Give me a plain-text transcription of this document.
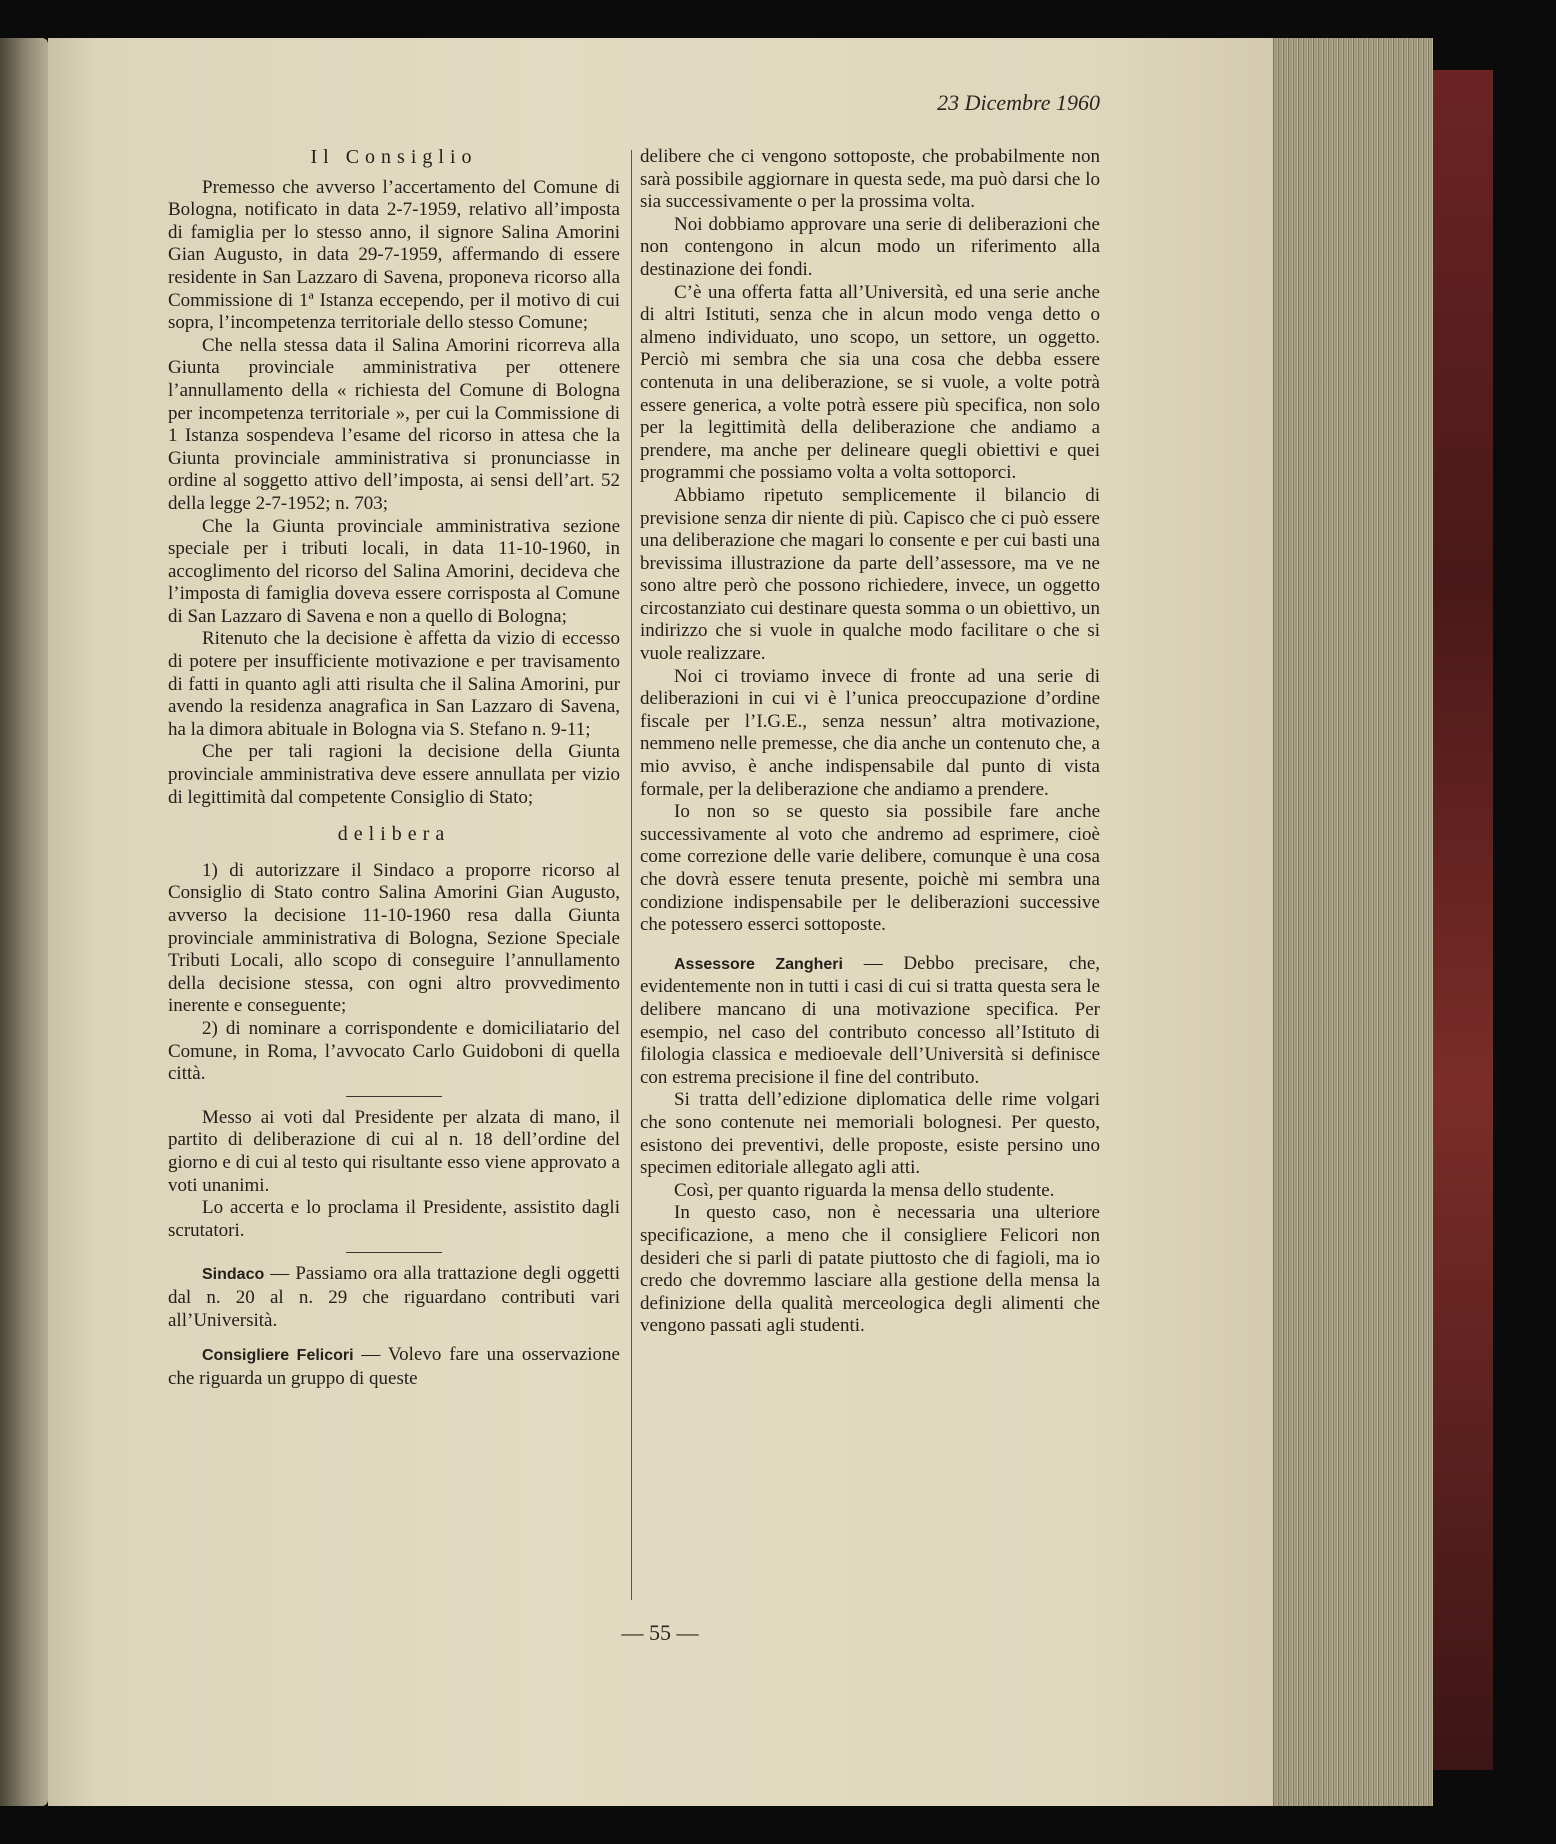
23 Dicembre 1960
Il Consiglio

Premesso che avverso l’accertamento del Comune di Bologna, notificato in data 2-7-1959, relativo all’imposta di famiglia per lo stesso anno, il signore Salina Amorini Gian Augusto, in data 29-7-1959, affermando di essere residente in San Lazzaro di Savena, proponeva ricorso alla Commissione di 1ª Istanza eccependo, per il motivo di cui sopra, l’incompetenza territoriale dello stesso Comune;

Che nella stessa data il Salina Amorini ricorreva alla Giunta provinciale amministrativa per ottenere l’annullamento della « richiesta del Comune di Bologna per incompetenza territoriale », per cui la Commissione di 1 Istanza sospendeva l’esame del ricorso in attesa che la Giunta provinciale amministrativa si pronunciasse in ordine al soggetto attivo dell’imposta, ai sensi dell’art. 52 della legge 2-7-1952; n. 703;

Che la Giunta provinciale amministrativa sezione speciale per i tributi locali, in data 11-10-1960, in accoglimento del ricorso del Salina Amorini, decideva che l’imposta di famiglia doveva essere corrisposta al Comune di San Lazzaro di Savena e non a quello di Bologna;

Ritenuto che la decisione è affetta da vizio di eccesso di potere per insufficiente motivazione e per travisamento di fatti in quanto agli atti risulta che il Salina Amorini, pur avendo la residenza anagrafica in San Lazzaro di Savena, ha la dimora abituale in Bologna via S. Stefano n. 9-11;

Che per tali ragioni la decisione della Giunta provinciale amministrativa deve essere annullata per vizio di legittimità dal competente Consiglio di Stato;

delibera

1) di autorizzare il Sindaco a proporre ricorso al Consiglio di Stato contro Salina Amorini Gian Augusto, avverso la decisione 11-10-1960 resa dalla Giunta provinciale amministrativa di Bologna, Sezione Speciale Tributi Locali, allo scopo di conseguire l’annullamento della decisione stessa, con ogni altro provvedimento inerente e conseguente;

2) di nominare a corrispondente e domiciliatario del Comune, in Roma, l’avvocato Carlo Guidoboni di quella città.

Messo ai voti dal Presidente per alzata di mano, il partito di deliberazione di cui al n. 18 dell’ordine del giorno e di cui al testo qui risultante esso viene approvato a voti unanimi.

Lo accerta e lo proclama il Presidente, assistito dagli scrutatori.

Sindaco — Passiamo ora alla trattazione degli oggetti dal n. 20 al n. 29 che riguardano contributi vari all’Università.

Consigliere Felicori — Volevo fare una osservazione che riguarda un gruppo di queste

delibere che ci vengono sottoposte, che probabilmente non sarà possibile aggiornare in questa sede, ma può darsi che lo sia successivamente o per la prossima volta.

Noi dobbiamo approvare una serie di deliberazioni che non contengono in alcun modo un riferimento alla destinazione dei fondi.

C’è una offerta fatta all’Università, ed una serie anche di altri Istituti, senza che in alcun modo venga detto o almeno individuato, uno scopo, un settore, un oggetto. Perciò mi sembra che sia una cosa che debba essere contenuta in una deliberazione, se si vuole, a volte potrà essere generica, a volte potrà essere più specifica, non solo per la legittimità della deliberazione che andiamo a prendere, ma anche per delineare quegli obiettivi e quei programmi che possiamo volta a volta sottoporci.

Abbiamo ripetuto semplicemente il bilancio di previsione senza dir niente di più. Capisco che ci può essere una deliberazione che magari lo consente e per cui basti una brevissima illustrazione da parte dell’assessore, ma ve ne sono altre però che possono richiedere, invece, un oggetto circostanziato cui destinare questa somma o un obiettivo, un indirizzo che si vuole in qualche modo facilitare o che si vuole realizzare.

Noi ci troviamo invece di fronte ad una serie di deliberazioni in cui vi è l’unica preoccupazione d’ordine fiscale per l’I.G.E., senza nessun’ altra motivazione, nemmeno nelle premesse, che dia anche un contenuto che, a mio avviso, è anche indispensabile dal punto di vista formale, per la deliberazione che andiamo a prendere.

Io non so se questo sia possibile fare anche successivamente al voto che andremo ad esprimere, cioè come correzione delle varie delibere, comunque è una cosa che dovrà essere tenuta presente, poichè mi sembra una condizione indispensabile per le deliberazioni successive che potessero esserci sottoposte.

Assessore Zangheri — Debbo precisare, che, evidentemente non in tutti i casi di cui si tratta questa sera le delibere mancano di una motivazione specifica. Per esempio, nel caso del contributo concesso all’Istituto di filologia classica e medioevale dell’Università si definisce con estrema precisione il fine del contributo.

Si tratta dell’edizione diplomatica delle rime volgari che sono contenute nei memoriali bolognesi. Per questo, esistono dei preventivi, delle proposte, esiste persino uno specimen editoriale allegato agli atti.

Così, per quanto riguarda la mensa dello studente.

In questo caso, non è necessaria una ulteriore specificazione, a meno che il consigliere Felicori non desideri che si parli di patate piuttosto che di fagioli, ma io credo che dovremmo lasciare alla gestione della mensa la definizione della qualità merceologica degli alimenti che vengono passati agli studenti.

— 55 —
